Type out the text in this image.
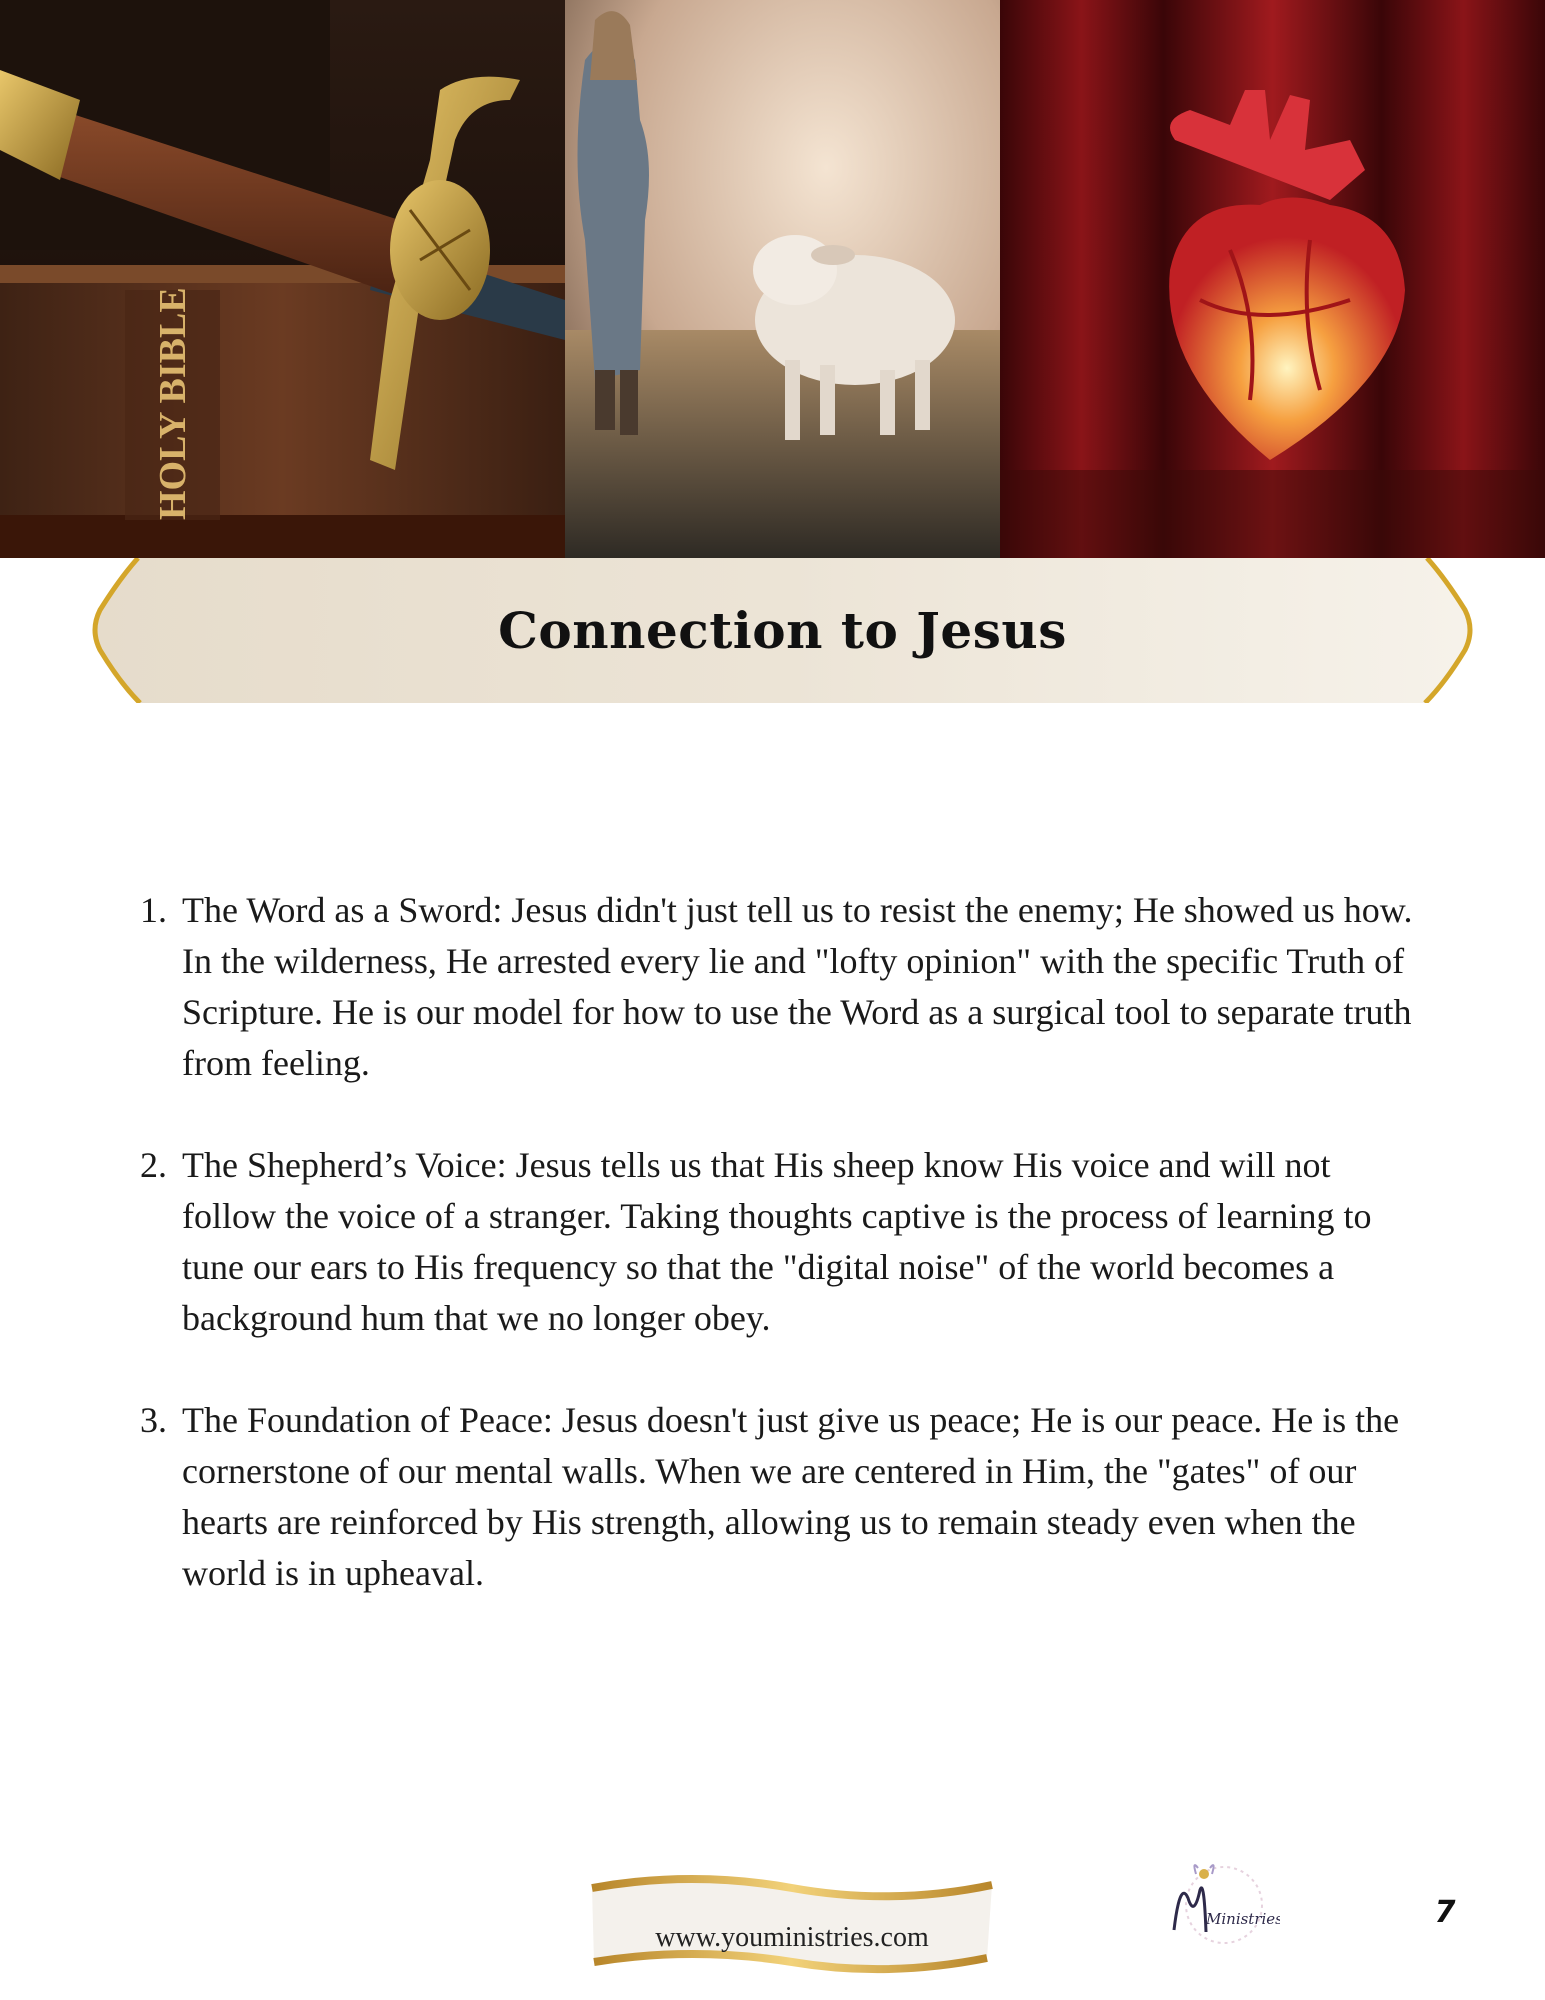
HOLY BIBLE
Connection to Jesus
1. The Word as a Sword: Jesus didn't just tell us to resist the enemy; He showed us how. In the wilderness, He arrested every lie and "lofty opinion" with the specific Truth of Scripture. He is our model for how to use the Word as a surgical tool to separate truth from feeling.

2. The Shepherd’s Voice: Jesus tells us that His sheep know His voice and will not follow the voice of a stranger. Taking thoughts captive is the process of learning to tune our ears to His frequency so that the "digital noise" of the world becomes a background hum that we no longer obey.

3. The Foundation of Peace: Jesus doesn't just give us peace; He is our peace. He is the cornerstone of our mental walls. When we are centered in Him, the "gates" of our hearts are reinforced by His strength, allowing us to remain steady even when the world is in upheaval.

www.youministries.com
Ministries	7
